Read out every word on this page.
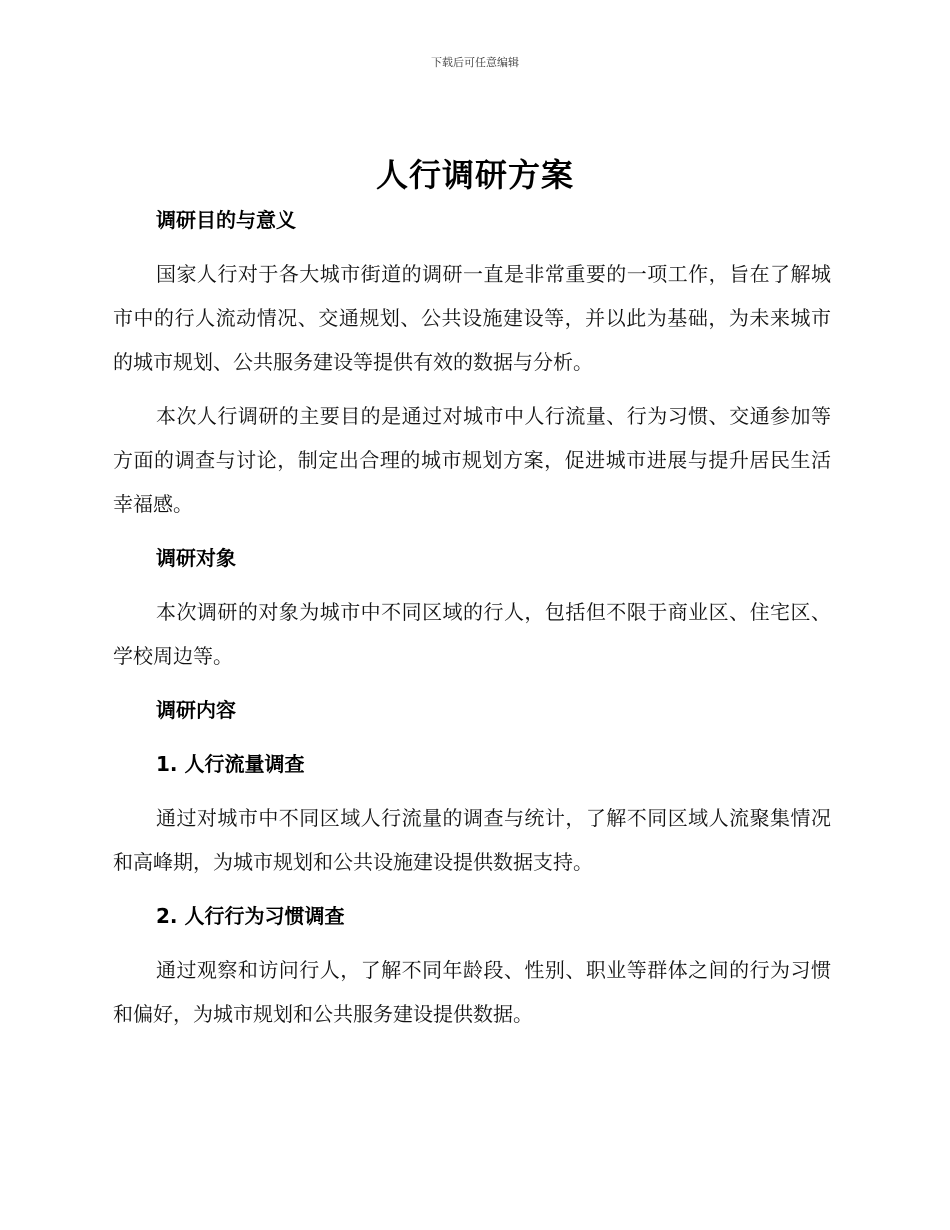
下载后可任意编辑
人行调研方案
调研目的与意义

国家人行对于各大城市街道的调研一直是非常重要的一项工作，旨在了解城市中的行人流动情况、交通规划、公共设施建设等，并以此为基础，为未来城市的城市规划、公共服务建设等提供有效的数据与分析。

本次人行调研的主要目的是通过对城市中人行流量、行为习惯、交通参加等方面的调查与讨论，制定出合理的城市规划方案，促进城市进展与提升居民生活幸福感。

调研对象

本次调研的对象为城市中不同区域的行人，包括但不限于商业区、住宅区、学校周边等。

调研内容
1. 人行流量调查

通过对城市中不同区域人行流量的调查与统计，了解不同区域人流聚集情况和高峰期，为城市规划和公共设施建设提供数据支持。

2. 人行行为习惯调查

通过观察和访问行人，了解不同年龄段、性别、职业等群体之间的行为习惯和偏好，为城市规划和公共服务建设提供数据。
